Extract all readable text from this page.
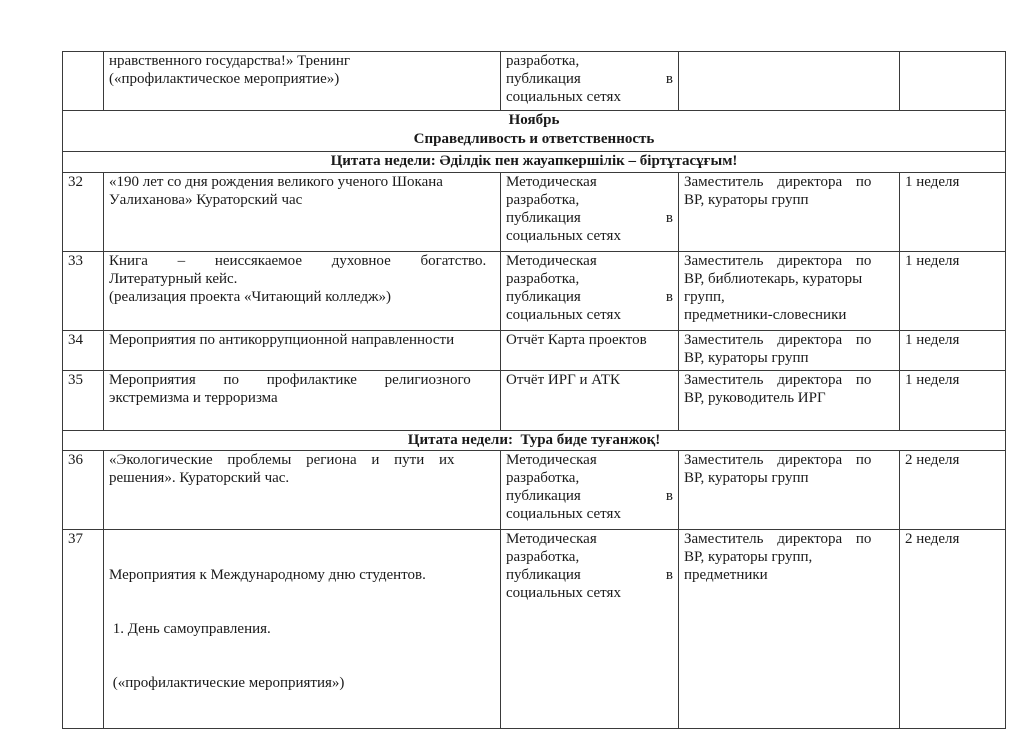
	нравственного государства!» Тренинг
(«профилактическое мероприятие»)	разработка,
публикация в
социальных сетях		

Ноябрь
Справедливость и ответственность				

Цитата недели: Әділдік пен жауапкершілік – біртұтасұғым!				
32	«190 лет со дня рождения великого ученого Шокана
Уалиханова» Кураторский час	Методическая
разработка,
публикация в
социальных сетях	Заместитель директора по
ВР, кураторы групп	1 неделя
33	Книга – неиссякаемое духовное богатство.
Литературный кейс.
(реализация проекта «Читающий колледж»)	Методическая
разработка,
публикация в
социальных сетях	Заместитель директора по
ВР, библиотекарь, кураторы
групп,
предметники-словесники	1 неделя
34	Мероприятия по антикоррупционной направленности	Отчёт Карта проектов	Заместитель директора по
ВР, кураторы групп	1 неделя
35	Мероприятия по профилактике религиозного
экстремизма и терроризма	Отчёт ИРГ и АТК	Заместитель директора по
ВР, руководитель ИРГ	1 неделя
Цитата недели:  Тура биде туғанжоқ!				
36	«Экологические проблемы региона и пути их
решения». Кураторский час.	Методическая
разработка,
публикация в
социальных сетях	Заместитель директора по
ВР, кураторы групп	2 неделя
37	Мероприятия к Международному дню студентов.

1. День самоуправления.

(«профилактические мероприятия»)	Методическая
разработка,
публикация в
социальных сетях	Заместитель директора по
ВР, кураторы групп,
предметники	2 неделя
